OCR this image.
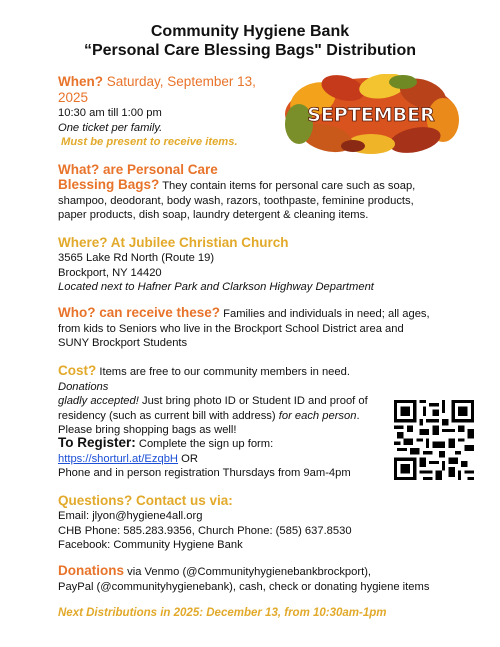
Community Hygiene Bank
“Personal Care Blessing Bags" Distribution
When? Saturday, September 13,
2025
10:30 am till 1:00 pm
One ticket per family.
Must be present to receive items.
SEPTEMBER
What? are Personal Care
Blessing Bags? They contain items for personal care such as soap,
shampoo, deodorant, body wash, razors, toothpaste, feminine products,
paper products, dish soap, laundry detergent & cleaning items.
Where? At Jubilee Christian Church
3565 Lake Rd North (Route 19)
Brockport, NY 14420
Located next to Hafner Park and Clarkson Highway Department
Who? can receive these? Families and individuals in need; all ages,
from kids to Seniors who live in the Brockport School District area and
SUNY Brockport Students
Cost? Items are free to our community members in need. Donations
gladly accepted! Just bring photo ID or Student ID and proof of
residency (such as current bill with address) for each person.
Please bring shopping bags as well!
To Register: Complete the sign up form:
https://shorturl.at/EzqbH OR
Phone and in person registration Thursdays from 9am-4pm
Questions? Contact us via:
Email: jlyon@hygiene4all.org
CHB Phone: 585.283.9356, Church Phone: (585) 637.8530
Facebook: Community Hygiene Bank
Donations via Venmo (@Communityhygienebankbrockport),
PayPal (@communityhygienebank), cash, check or donating hygiene items
Next Distributions in 2025: December 13, from 10:30am-1pm
